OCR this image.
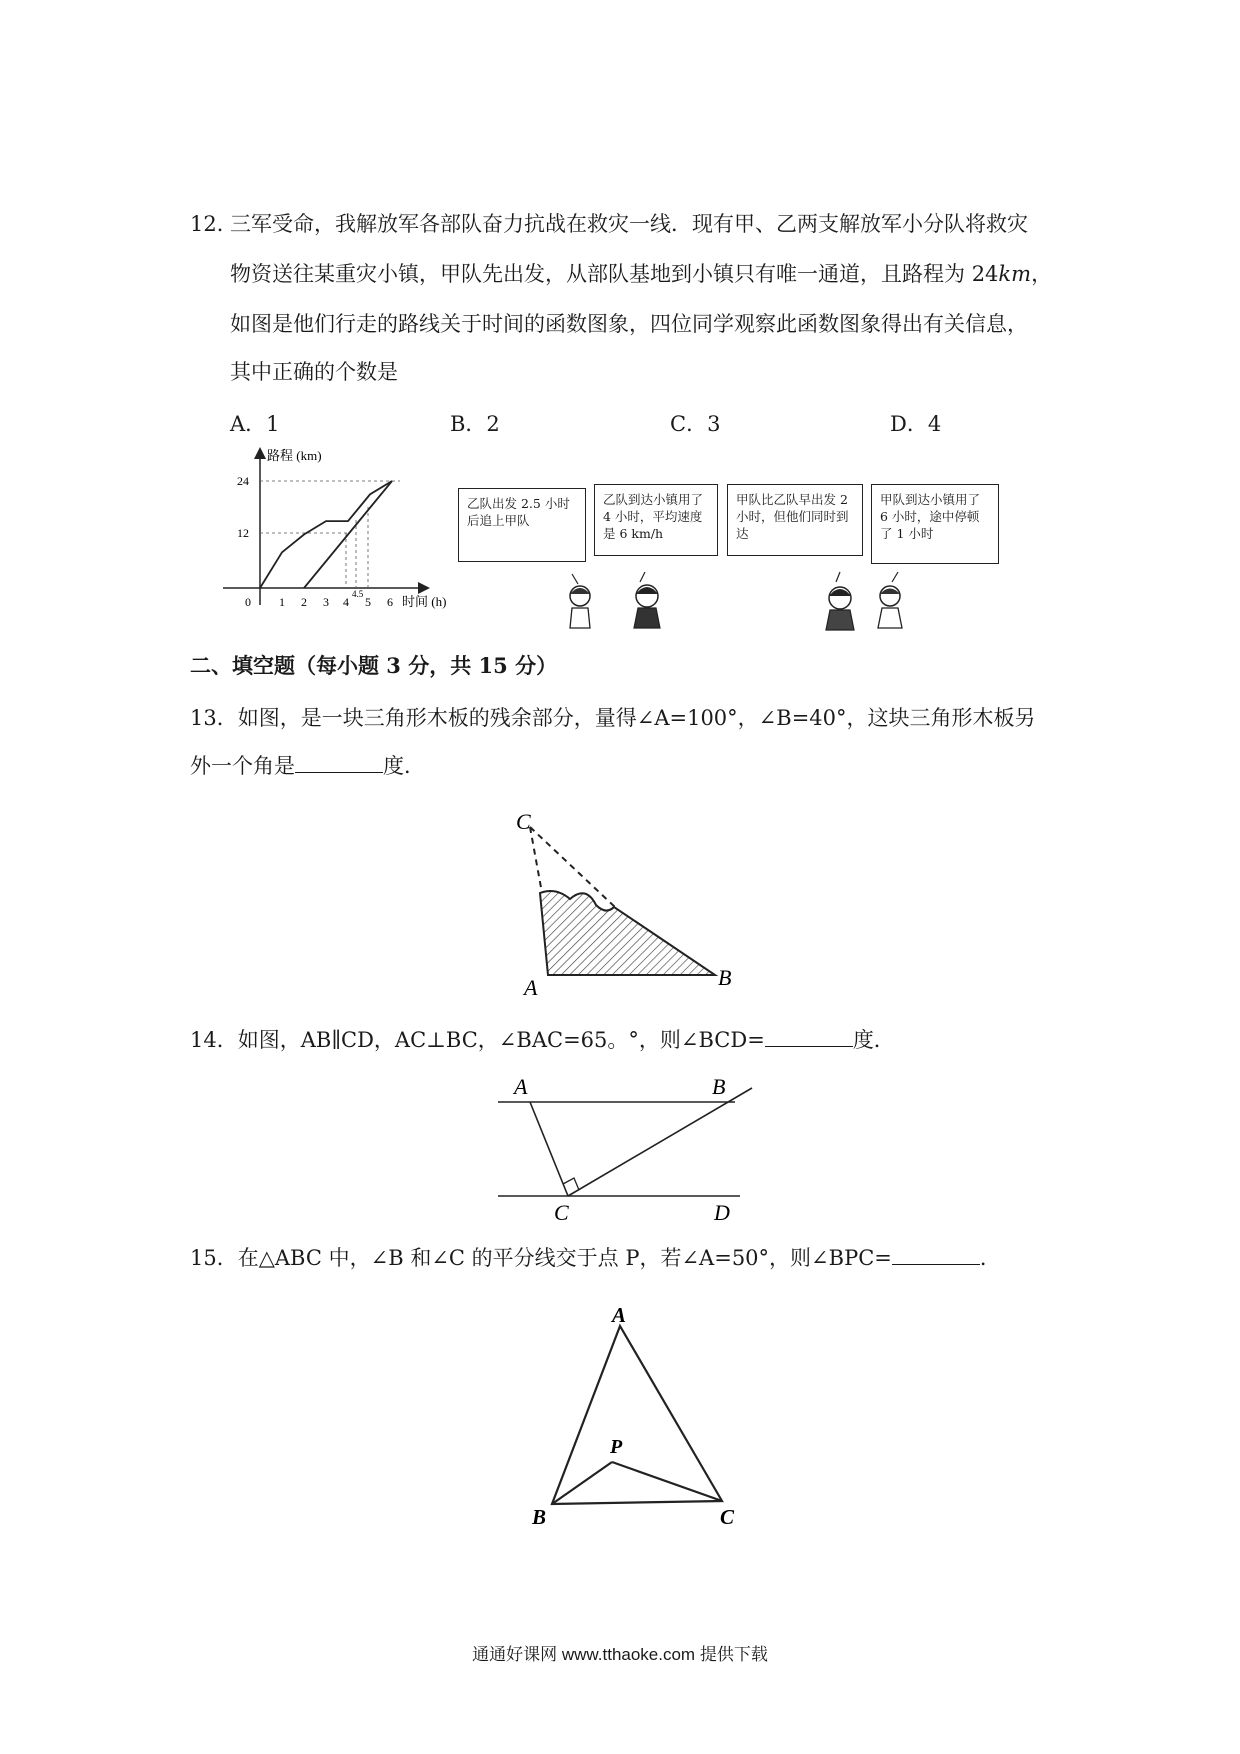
12．
三军受命，我解放军各部队奋力抗战在救灾一线．现有甲、乙两支解放军小分队将救灾
物资送往某重灾小镇，甲队先出发，从部队基地到小镇只有唯一通道，且路程为 24km，
如图是他们行走的路线关于时间的函数图象，四位同学观察此函数图象得出有关信息，
其中正确的个数是
A．1	B．2	C．3	D．4
路程 (km)
时间 (h)
24
12
0 1 2 3 4
4.5
5 6
乙队出发 2.5 小时后追上甲队
乙队到达小镇用了 4 小时，平均速度是 6 km/h
甲队比乙队早出发 2 小时，但他们同时到达
甲队到达小镇用了 6 小时，途中停顿了 1 小时
二、填空题（每小题 3 分，共 15 分）
13．如图，是一块三角形木板的残余部分，量得∠A=100°，∠B=40°，这块三角形木板另
外一个角是	度．
C
A	B
14．如图，AB∥CD，AC⊥BC，∠BAC=65。°，则∠BCD=	度．
A	B
C	D
15．在△ABC 中，∠B 和∠C 的平分线交于点 P，若∠A=50°，则∠BPC=	．
A
P
B	C
通通好课网 www.tthaoke.com 提供下载
